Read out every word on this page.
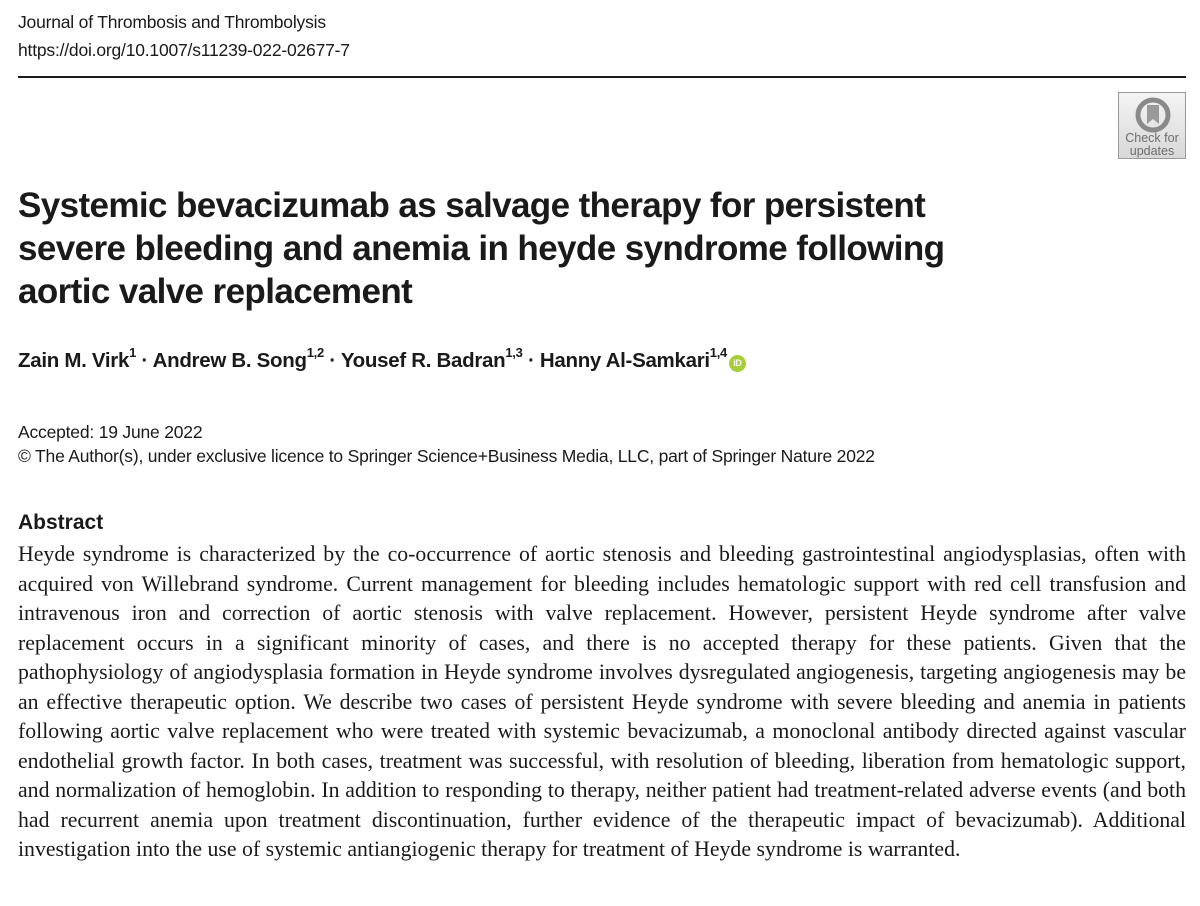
Journal of Thrombosis and Thrombolysis
https://doi.org/10.1007/s11239-022-02677-7
Check for
updates
Systemic bevacizumab as salvage therapy for persistent severe bleeding and anemia in heyde syndrome following aortic valve replacement
Zain M. Virk$^1$ · Andrew B. Song$^{1,2}$ · Yousef R. Badran$^{1,3}$ · Hanny Al-Samkari$^{1,4}$iD
Accepted: 19 June 2022
© The Author(s), under exclusive licence to Springer Science+Business Media, LLC, part of Springer Nature 2022
Abstract

Heyde syndrome is characterized by the co-occurrence of aortic stenosis and bleeding gastrointestinal angiodysplasias, often with acquired von Willebrand syndrome. Current management for bleeding includes hematologic support with red cell transfusion and intravenous iron and correction of aortic stenosis with valve replacement. However, persistent Heyde syndrome after valve replacement occurs in a significant minority of cases, and there is no accepted therapy for these patients. Given that the pathophysiology of angiodysplasia formation in Heyde syndrome involves dysregulated angiogenesis, targeting angiogenesis may be an effective therapeutic option. We describe two cases of persistent Heyde syndrome with severe bleeding and anemia in patients following aortic valve replacement who were treated with systemic bevacizumab, a monoclonal antibody directed against vascular endothelial growth factor. In both cases, treatment was successful, with resolution of bleeding, liberation from hematologic support, and normalization of hemoglobin. In addition to responding to therapy, neither patient had treatment-related adverse events (and both had recurrent anemia upon treatment discontinuation, further evidence of the therapeutic impact of bevacizumab). Additional investigation into the use of systemic antiangiogenic therapy for treatment of Heyde syndrome is warranted.
